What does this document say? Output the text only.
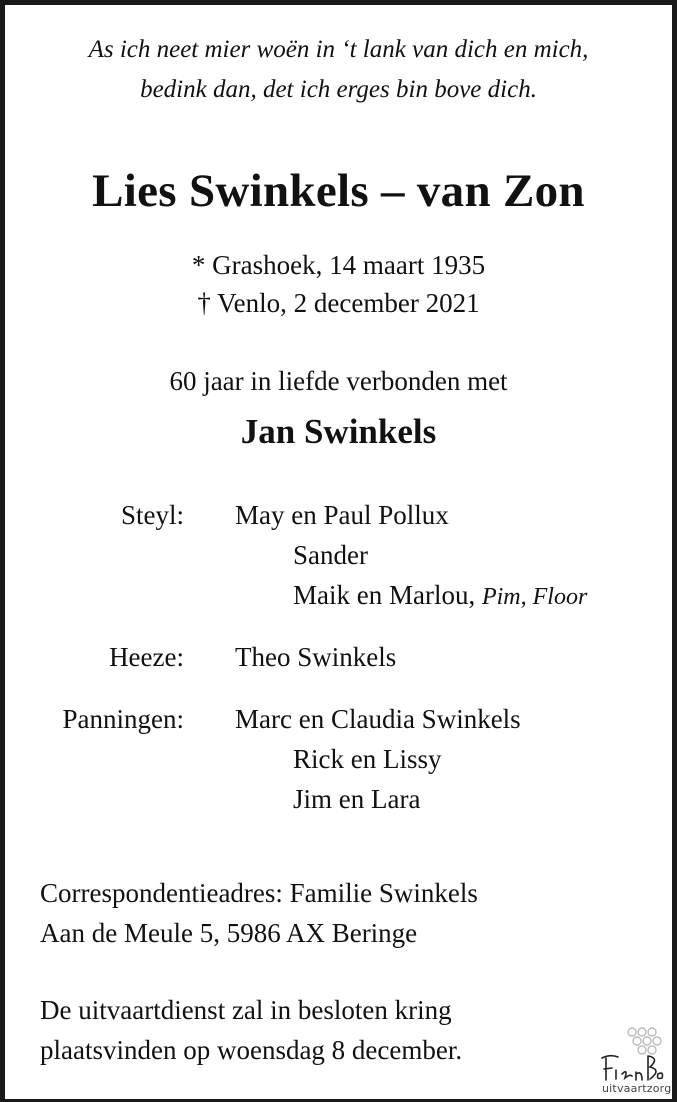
As ich neet mier woën in ‘t lank van dich en mich,
bedink dan, det ich erges bin bove dich.
Lies Swinkels – van Zon
* Grashoek, 14 maart 1935
† Venlo, 2 december 2021
60 jaar in liefde verbonden met
Jan Swinkels
Steyl: May en Paul Pollux
Sander
Maik en Marlou, Pim, Floor
Heeze: Theo Swinkels
Panningen: Marc en Claudia Swinkels
Rick en Lissy
Jim en Lara
Correspondentieadres: Familie Swinkels
Aan de Meule 5, 5986 AX Beringe
De uitvaartdienst zal in besloten kring
plaatsvinden op woensdag 8 december.
uitvaartzorg
